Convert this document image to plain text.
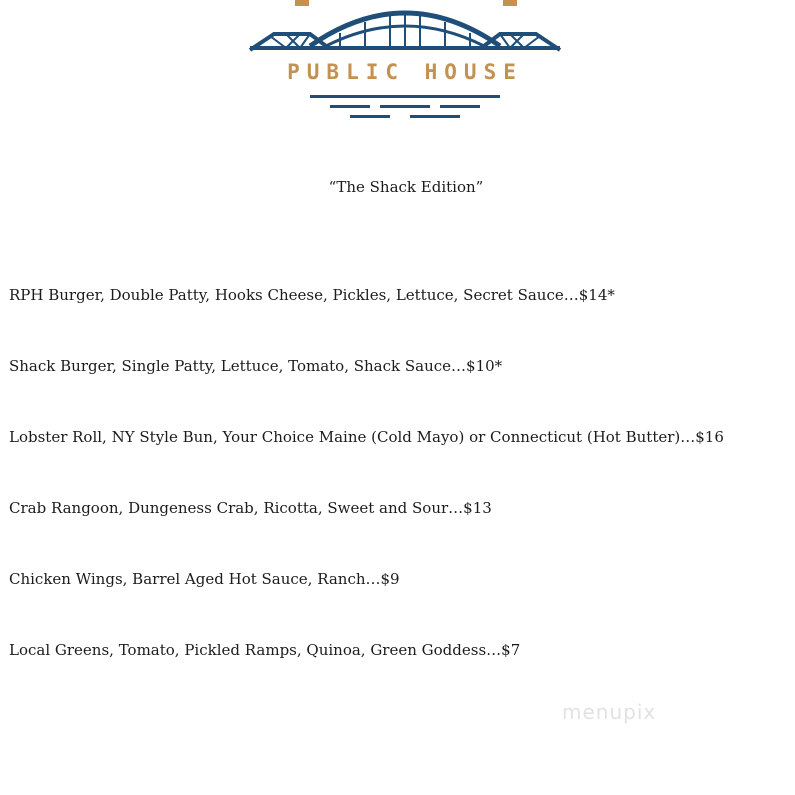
PUBLIC HOUSE
“The Shack Edition”
RPH Burger, Double Patty, Hooks Cheese, Pickles, Lettuce, Secret Sauce…$14*
Shack Burger, Single Patty, Lettuce, Tomato, Shack Sauce…$10*
Lobster Roll, NY Style Bun, Your Choice Maine (Cold Mayo) or Connecticut (Hot Butter)…$16
Crab Rangoon, Dungeness Crab, Ricotta, Sweet and Sour…$13
Chicken Wings, Barrel Aged Hot Sauce, Ranch…$9
Local Greens, Tomato, Pickled Ramps, Quinoa, Green Goddess…$7
menupix
